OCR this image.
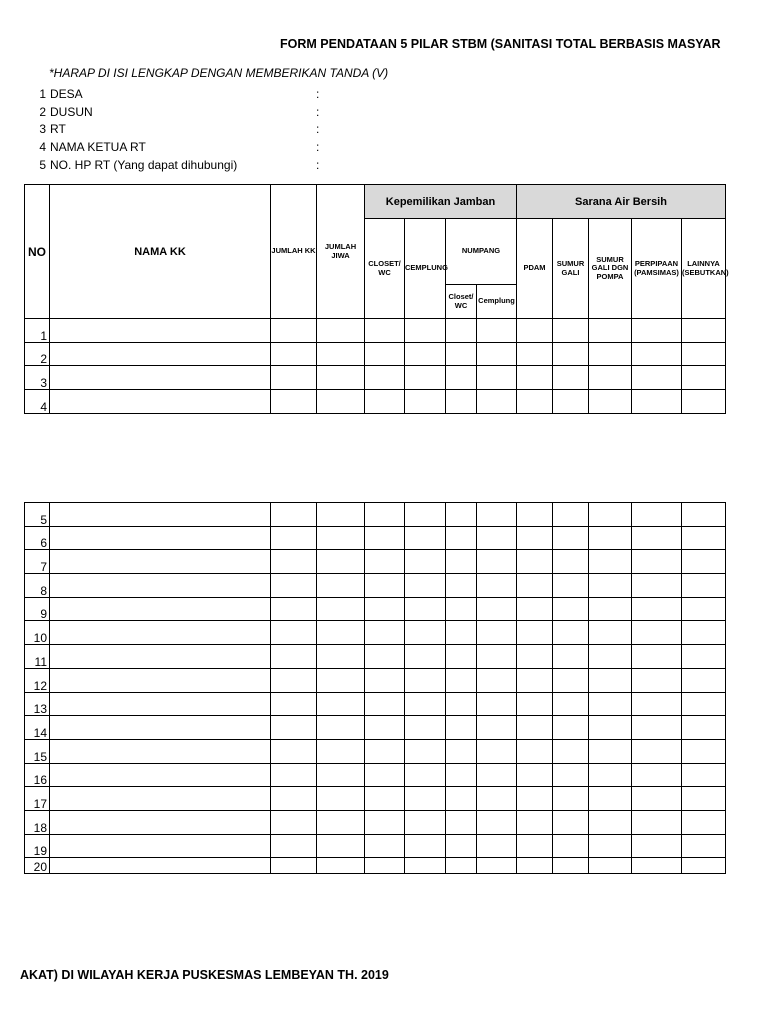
FORM PENDATAAN 5 PILAR STBM (SANITASI TOTAL BERBASIS MASYAR
*HARAP DI ISI LENGKAP DENGAN MEMBERIKAN TANDA (V)
1 DESA	:
2 DUSUN	:
3 RT	:
4 NAMA KETUA RT	:
5 NO. HP RT (Yang dapat dihubungi)	:
NO	NAMA KK	JUMLAH KK	JUMLAH JIWA	Kepemilikan Jamban				Sarana Air Bersih				
				CLOSET/ WC	CEMPLUNG	NUMPANG		PDAM	SUMUR GALI	SUMUR GALI DGN POMPA	PERPIPAAN (PAMSIMAS)	LAINNYA (SEBUTKAN)
						Closet/ WC	Cemplung					
1												
2												
3												
4												
5												
6												
7												
8												
9												
10												
11												
12												
13												
14												
15												
16												
17												
18												
19												
20												
AKAT) DI WILAYAH KERJA PUSKESMAS LEMBEYAN TH. 2019
